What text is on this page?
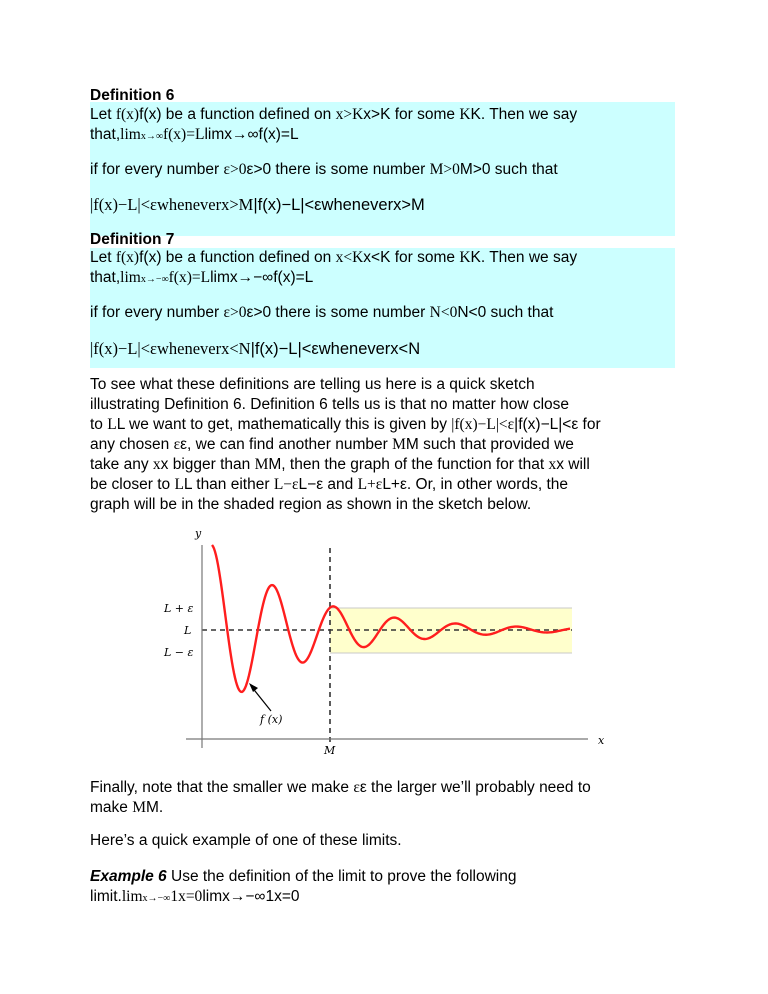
Definition 6
Let f(x)f(x) be a function defined on x>Kx>K for some KK. Then we say
that,limx→∞f(x)=Llimx→∞f(x)=L
if for every number ε>0ε>0 there is some number M>0M>0 such that
|f(x)−L|<εwheneverx>M|f(x)−L|<εwheneverx>M
Definition 7
Let f(x)f(x) be a function defined on x<Kx<K for some KK. Then we say
that,limx→−∞f(x)=Llimx→−∞f(x)=L
if for every number ε>0ε>0 there is some number N<0N<0 such that
|f(x)−L|<εwheneverx<N|f(x)−L|<εwheneverx<N
To see what these definitions are telling us here is a quick sketch
illustrating Definition 6. Definition 6 tells us is that no matter how close
to LL we want to get, mathematically this is given by |f(x)−L|<ε|f(x)−L|<ε for
any chosen εε, we can find another number MM such that provided we
take any xx bigger than MM, then the graph of the function for that xx will
be closer to LL than either L−εL−ε and L+εL+ε. Or, in other words, the
graph will be in the shaded region as shown in the sketch below.
y
x
L + ε
L
L − ε
M
f (x)
Finally, note that the smaller we make εε the larger we’ll probably need to
make MM.
Here’s a quick example of one of these limits.
Example 6 Use the definition of the limit to prove the following
limit.limx→−∞1x=0limx→−∞1x=0
